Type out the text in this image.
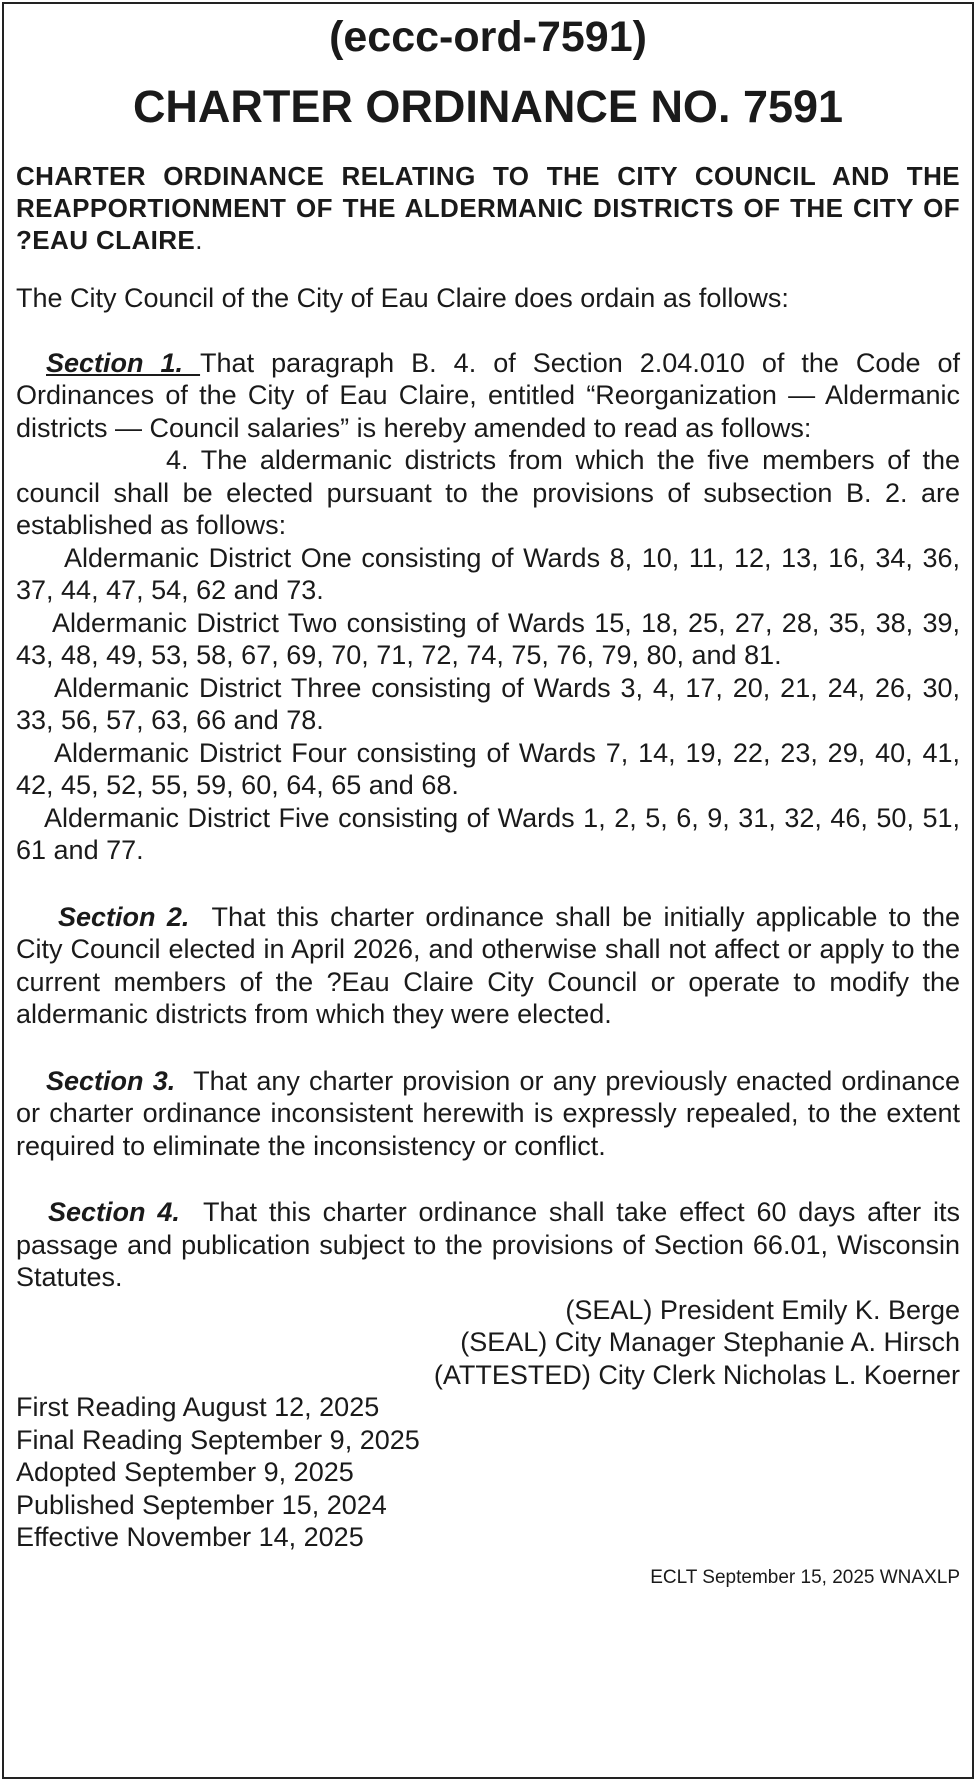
(eccc-ord-7591)
CHARTER ORDINANCE NO. 7591
CHARTER ORDINANCE RELATING TO THE CITY COUNCIL AND THE REAPPORTIONMENT OF THE ALDERMANIC DISTRICTS OF THE CITY OF ?EAU CLAIRE.

The City Council of the City of Eau Claire does ordain as follows:

Section 1. That paragraph B. 4. of Section 2.04.010 of the Code of Ordinances of the City of Eau Claire, entitled “Reorganization — Aldermanic districts — Council salaries” is hereby amended to read as follows:

4. The aldermanic districts from which the five members of the council shall be elected pursuant to the provisions of subsection B. 2. are established as follows:

Aldermanic District One consisting of Wards 8, 10, 11, 12, 13, 16, 34, 36, 37, 44, 47, 54, 62 and 73.

Aldermanic District Two consisting of Wards 15, 18, 25, 27, 28, 35, 38, 39, 43, 48, 49, 53, 58, 67, 69, 70, 71, 72, 74, 75, 76, 79, 80, and 81.

Aldermanic District Three consisting of Wards 3, 4, 17, 20, 21, 24, 26, 30, 33, 56, 57, 63, 66 and 78.

Aldermanic District Four consisting of Wards 7, 14, 19, 22, 23, 29, 40, 41, 42, 45, 52, 55, 59, 60, 64, 65 and 68.

Aldermanic District Five consisting of Wards 1, 2, 5, 6, 9, 31, 32, 46, 50, 51, 61 and 77.

Section 2. That this charter ordinance shall be initially applicable to the City Council elected in April 2026, and otherwise shall not affect or apply to the current members of the ?Eau Claire City Council or operate to modify the aldermanic districts from which they were elected.

Section 3. That any charter provision or any previously enacted ordinance or charter ordinance inconsistent herewith is expressly repealed, to the extent required to eliminate the inconsistency or conflict.

Section 4. That this charter ordinance shall take effect 60 days after its passage and publication subject to the provisions of Section 66.01, Wisconsin Statutes.

(SEAL) President Emily K. Berge
(SEAL) City Manager Stephanie A. Hirsch
(ATTESTED) City Clerk Nicholas L. Koerner
First Reading August 12, 2025
Final Reading September 9, 2025
Adopted September 9, 2025
Published September 15, 2024
Effective November 14, 2025
ECLT September 15, 2025 WNAXLP
